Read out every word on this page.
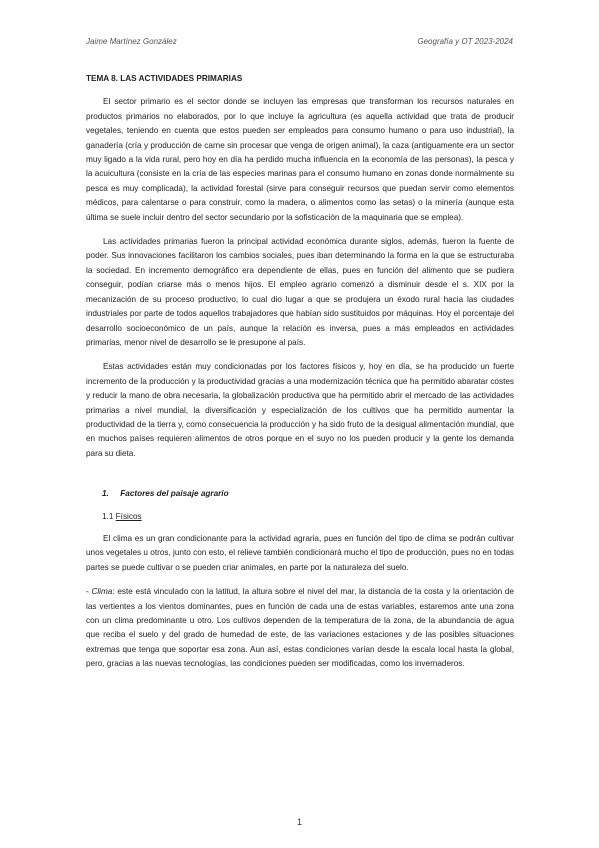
Jaime Martínez González	Geografía y OT 2023-2024
TEMA 8. LAS ACTIVIDADES PRIMARIAS

El sector primario es el sector donde se incluyen las empresas que transforman los recursos naturales en productos primarios no elaborados, por lo que incluye la agricultura (es aquella actividad que trata de producir vegetales, teniendo en cuenta que estos pueden ser empleados para consumo humano o para uso industrial), la ganadería (cría y producción de carne sin procesar que venga de origen animal), la caza (antiguamente era un sector muy ligado a la vida rural, pero hoy en día ha perdido mucha influencia en la economía de las personas), la pesca y la acuicultura (consiste en la cría de las especies marinas para el consumo humano en zonas donde normalmente su pesca es muy complicada), la actividad forestal (sirve para conseguir recursos que puedan servir como elementos médicos, para calentarse o para construir, como la madera, o alimentos como las setas) o la minería (aunque esta última se suele incluir dentro del sector secundario por la sofisticación de la maquinaria que se emplea).

Las actividades primarias fueron la principal actividad económica durante siglos, además, fueron la fuente de poder. Sus innovaciones facilitaron los cambios sociales, pues iban determinando la forma en la que se estructuraba la sociedad. En incremento demográfico era dependiente de ellas, pues en función del alimento que se pudiera conseguir, podían criarse más o menos hijos. El empleo agrario comenzó a disminuir desde el s. XIX por la mecanización de su proceso productivo, lo cual dio lugar a que se produjera un éxodo rural hacia las ciudades industriales por parte de todos aquellos trabajadores que habían sido sustituidos por máquinas. Hoy el porcentaje del desarrollo socioeconómico de un país, aunque la relación es inversa, pues a más empleados en actividades primarias, menor nivel de desarrollo se le presupone al país.

Estas actividades están muy condicionadas por los factores físicos y, hoy en día, se ha producido un fuerte incremento de la producción y la productividad gracias a una modernización técnica que ha permitido abaratar costes y reducir la mano de obra necesaria, la globalización productiva que ha permitido abrir el mercado de las actividades primarias a nivel mundial, la diversificación y especialización de los cultivos que ha permitido aumentar la productividad de la tierra y, como consecuencia la producción y ha sido fruto de la desigual alimentación mundial, que en muchos países requieren alimentos de otros porque en el suyo no los pueden producir y la gente los demanda para su dieta.

1. Factores del paisaje agrario
1.1 Físicos

El clima es un gran condicionante para la actividad agraria, pues en función del tipo de clima se podrán cultivar unos vegetales u otros, junto con esto, el relieve también condicionará mucho el tipo de producción, pues no en todas partes se puede cultivar o se pueden criar animales, en parte por la naturaleza del suelo.

- Clima: este está vinculado con la latitud, la altura sobre el nivel del mar, la distancia de la costa y la orientación de las vertientes a los vientos dominantes, pues en función de cada una de estas variables, estaremos ante una zona con un clima predominante u otro. Los cultivos dependen de la temperatura de la zona, de la abundancia de agua que reciba el suelo y del grado de humedad de este, de las variaciones estaciones y de las posibles situaciones extremas que tenga que soportar esa zona. Aun así, estas condiciones varían desde la escala local hasta la global, pero, gracias a las nuevas tecnologías, las condiciones pueden ser modificadas, como los invernaderos.

1
